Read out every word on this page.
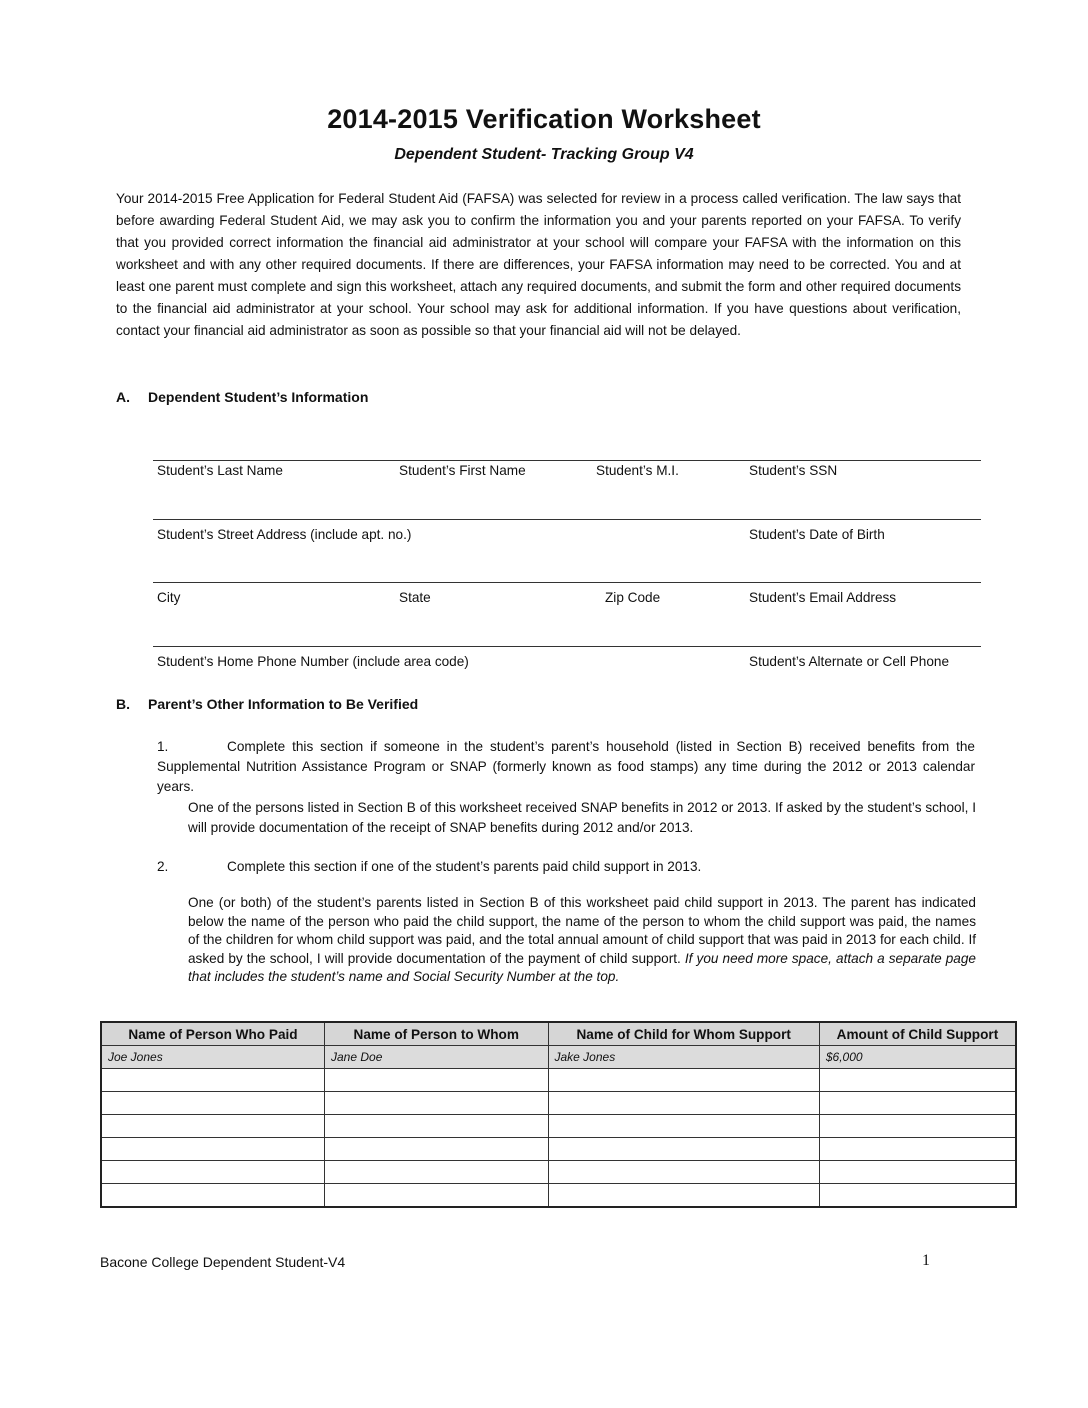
2014-2015 Verification Worksheet
Dependent Student- Tracking Group V4
Your 2014-2015 Free Application for Federal Student Aid (FAFSA) was selected for review in a process called verification. The law says that before awarding Federal Student Aid, we may ask you to confirm the information you and your parents reported on your FAFSA. To verify that you provided correct information the financial aid administrator at your school will compare your FAFSA with the information on this worksheet and with any other required documents. If there are differences, your FAFSA information may need to be corrected. You and at least one parent must complete and sign this worksheet, attach any required documents, and submit the form and other required documents to the financial aid administrator at your school. Your school may ask for additional information. If you have questions about verification, contact your financial aid administrator as soon as possible so that your financial aid will not be delayed.
A. Dependent Student’s Information
Student’s Last Name	Student’s First Name	Student’s M.I.	Student’s SSN
Student’s Street Address (include apt. no.)	Student’s Date of Birth
City	State	Zip Code	Student’s Email Address
Student’s Home Phone Number (include area code)	Student’s Alternate or Cell Phone
B. Parent’s Other Information to Be Verified
1.	Complete this section if someone in the student’s parent’s household (listed in Section B) received benefits from the Supplemental Nutrition Assistance Program or SNAP (formerly known as food stamps) any time during the 2012 or 2013 calendar years.
One of the persons listed in Section B of this worksheet received SNAP benefits in 2012 or 2013. If asked by the student’s school, I will provide documentation of the receipt of SNAP benefits during 2012 and/or 2013.
2.	Complete this section if one of the student’s parents paid child support in 2013.
One (or both) of the student’s parents listed in Section B of this worksheet paid child support in 2013. The parent has indicated below the name of the person who paid the child support, the name of the person to whom the child support was paid, the names of the children for whom child support was paid, and the total annual amount of child support that was paid in 2013 for each child. If asked by the school, I will provide documentation of the payment of child support. If you need more space, attach a separate page that includes the student’s name and Social Security Number at the top.
Name of Person Who Paid	Name of Person to Whom	Name of Child for Whom Support	Amount of Child Support
Joe Jones	Jane Doe	Jake Jones	$6,000

Bacone College Dependent Student-V4	1
